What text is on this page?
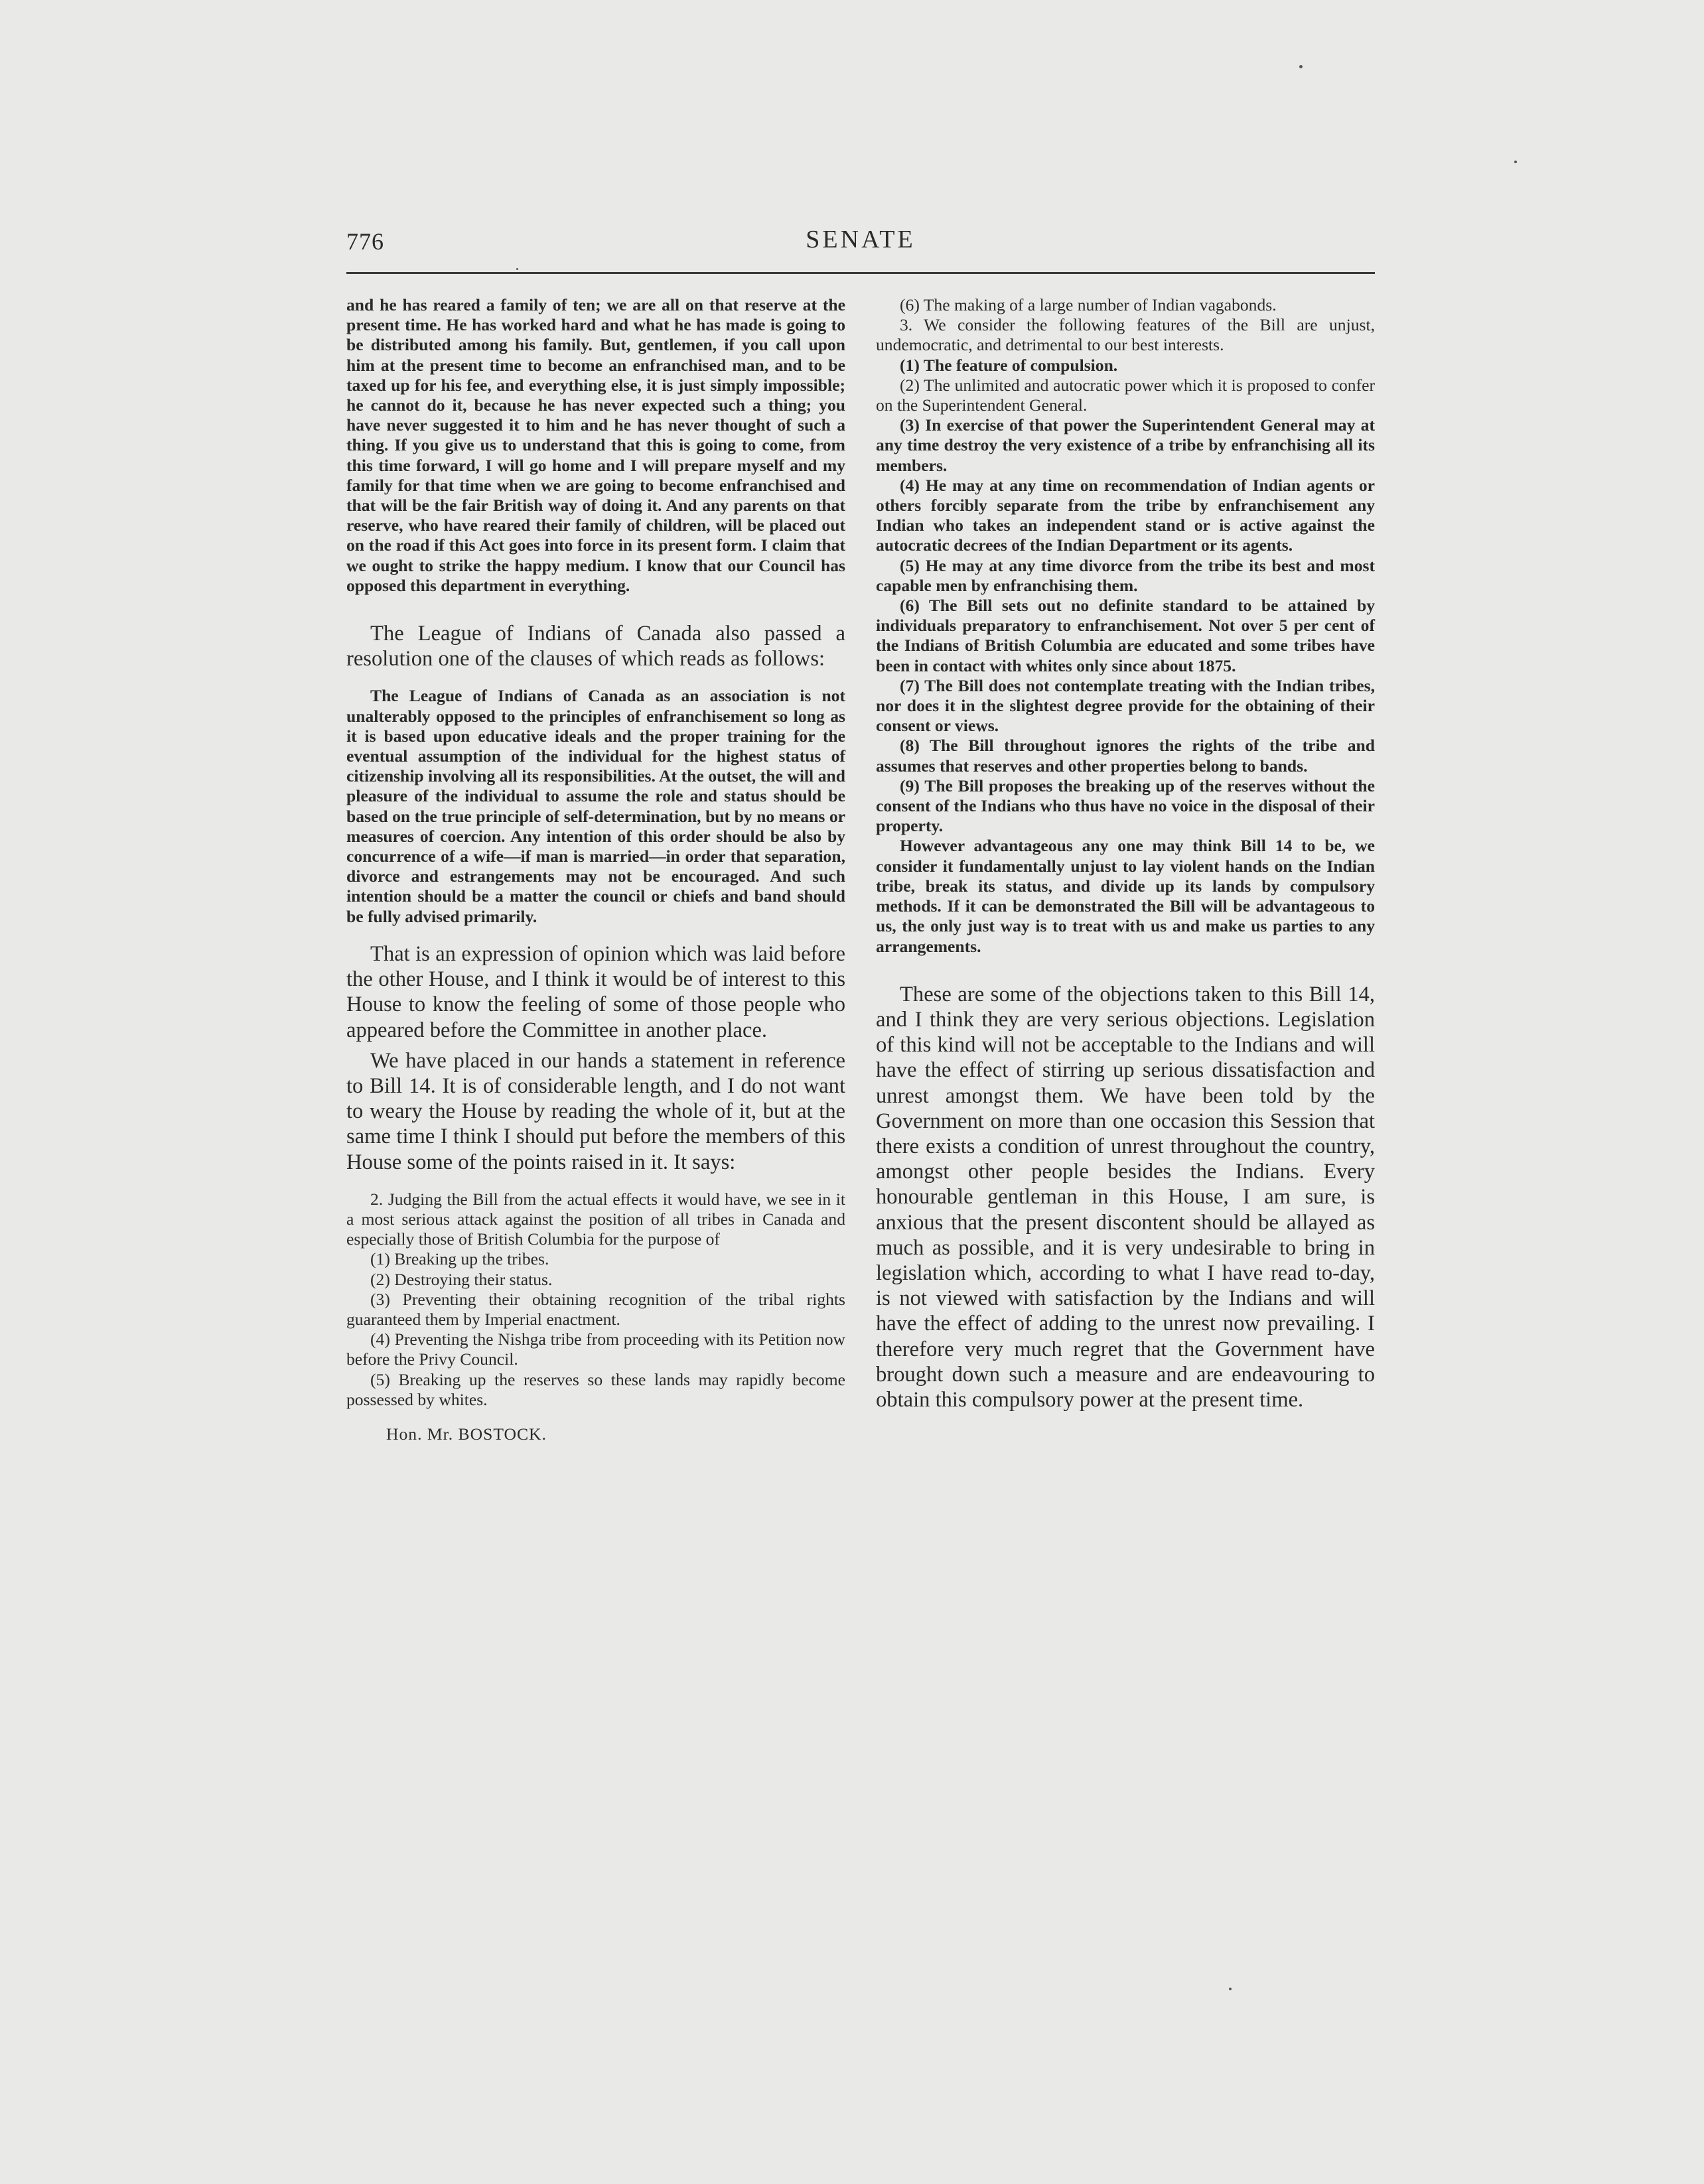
776	SENATE

and he has reared a family of ten; we are all on that reserve at the present time. He has worked hard and what he has made is going to be distributed among his family. But, gentlemen, if you call upon him at the present time to become an enfranchised man, and to be taxed up for his fee, and everything else, it is just simply impossible; he cannot do it, because he has never expected such a thing; you have never suggested it to him and he has never thought of such a thing. If you give us to understand that this is going to come, from this time forward, I will go home and I will prepare myself and my family for that time when we are going to become enfranchised and that will be the fair British way of doing it. And any parents on that reserve, who have reared their family of children, will be placed out on the road if this Act goes into force in its present form. I claim that we ought to strike the happy medium. I know that our Council has opposed this department in everything.

The League of Indians of Canada also passed a resolution one of the clauses of which reads as follows:

The League of Indians of Canada as an association is not unalterably opposed to the principles of enfranchisement so long as it is based upon educative ideals and the proper training for the eventual assumption of the individual for the highest status of citizenship involving all its responsibilities. At the outset, the will and pleasure of the individual to assume the role and status should be based on the true principle of self-determination, but by no means or measures of coercion. Any intention of this order should be also by concurrence of a wife—if man is married—in order that separation, divorce and estrangements may not be encouraged. And such intention should be a matter the council or chiefs and band should be fully advised primarily.

That is an expression of opinion which was laid before the other House, and I think it would be of interest to this House to know the feeling of some of those people who appeared before the Committee in another place.

We have placed in our hands a statement in reference to Bill 14. It is of considerable length, and I do not want to weary the House by reading the whole of it, but at the same time I think I should put before the members of this House some of the points raised in it. It says:

2. Judging the Bill from the actual effects it would have, we see in it a most serious attack against the position of all tribes in Canada and especially those of British Columbia for the purpose of

(1) Breaking up the tribes.

(2) Destroying their status.

(3) Preventing their obtaining recognition of the tribal rights guaranteed them by Imperial enactment.

(4) Preventing the Nishga tribe from proceeding with its Petition now before the Privy Council.

(5) Breaking up the reserves so these lands may rapidly become possessed by whites.

Hon. Mr. BOSTOCK.

(6) The making of a large number of Indian vagabonds.

3. We consider the following features of the Bill are unjust, undemocratic, and detrimental to our best interests.

(1) The feature of compulsion.

(2) The unlimited and autocratic power which it is proposed to confer on the Superintendent General.

(3) In exercise of that power the Superintendent General may at any time destroy the very existence of a tribe by enfranchising all its members.

(4) He may at any time on recommendation of Indian agents or others forcibly separate from the tribe by enfranchisement any Indian who takes an independent stand or is active against the autocratic decrees of the Indian Department or its agents.

(5) He may at any time divorce from the tribe its best and most capable men by enfranchising them.

(6) The Bill sets out no definite standard to be attained by individuals preparatory to enfranchisement. Not over 5 per cent of the Indians of British Columbia are educated and some tribes have been in contact with whites only since about 1875.

(7) The Bill does not contemplate treating with the Indian tribes, nor does it in the slightest degree provide for the obtaining of their consent or views.

(8) The Bill throughout ignores the rights of the tribe and assumes that reserves and other properties belong to bands.

(9) The Bill proposes the breaking up of the reserves without the consent of the Indians who thus have no voice in the disposal of their property.

However advantageous any one may think Bill 14 to be, we consider it fundamentally unjust to lay violent hands on the Indian tribe, break its status, and divide up its lands by compulsory methods. If it can be demonstrated the Bill will be advantageous to us, the only just way is to treat with us and make us parties to any arrangements.

These are some of the objections taken to this Bill 14, and I think they are very serious objections. Legislation of this kind will not be acceptable to the Indians and will have the effect of stirring up serious dissatisfaction and unrest amongst them. We have been told by the Government on more than one occasion this Session that there exists a condition of unrest throughout the country, amongst other people besides the Indians. Every honourable gentleman in this House, I am sure, is anxious that the present discontent should be allayed as much as possible, and it is very undesirable to bring in legislation which, according to what I have read to-day, is not viewed with satisfaction by the Indians and will have the effect of adding to the unrest now prevailing. I therefore very much regret that the Government have brought down such a measure and are endeavouring to obtain this compulsory power at the present time.
